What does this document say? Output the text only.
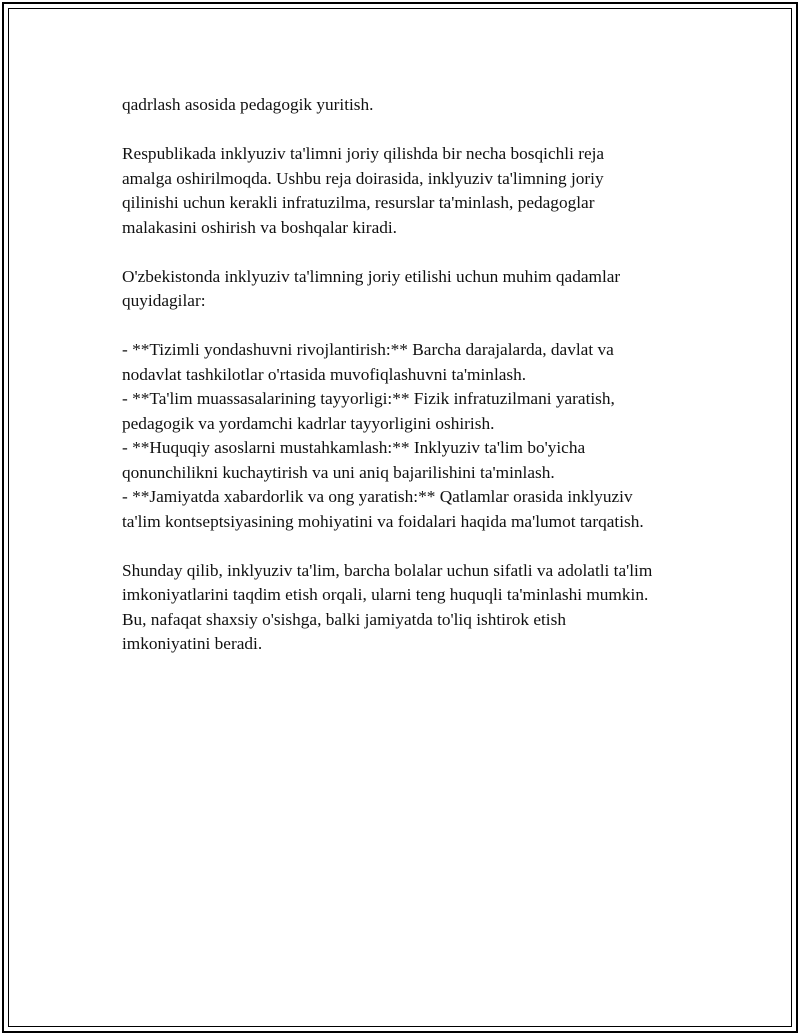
qadrlash asosida pedagogik yuritish.

Respublikada inklyuziv ta'limni joriy qilishda bir necha bosqichli reja
amalga oshirilmoqda. Ushbu reja doirasida, inklyuziv ta'limning joriy
qilinishi uchun kerakli infratuzilma, resurslar ta'minlash, pedagoglar
malakasini oshirish va boshqalar kiradi.

O'zbekistonda inklyuziv ta'limning joriy etilishi uchun muhim qadamlar
quyidagilar:

- **Tizimli yondashuvni rivojlantirish:** Barcha darajalarda, davlat va
nodavlat tashkilotlar o'rtasida muvofiqlashuvni ta'minlash.
- **Ta'lim muassasalarining tayyorligi:** Fizik infratuzilmani yaratish,
pedagogik va yordamchi kadrlar tayyorligini oshirish.
- **Huquqiy asoslarni mustahkamlash:** Inklyuziv ta'lim bo'yicha
qonunchilikni kuchaytirish va uni aniq bajarilishini ta'minlash.
- **Jamiyatda xabardorlik va ong yaratish:** Qatlamlar orasida inklyuziv
ta'lim kontseptsiyasining mohiyatini va foidalari haqida ma'lumot tarqatish.

Shunday qilib, inklyuziv ta'lim, barcha bolalar uchun sifatli va adolatli ta'lim
imkoniyatlarini taqdim etish orqali, ularni teng huquqli ta'minlashi mumkin.
Bu, nafaqat shaxsiy o'sishga, balki jamiyatda to'liq ishtirok etish
imkoniyatini beradi.
